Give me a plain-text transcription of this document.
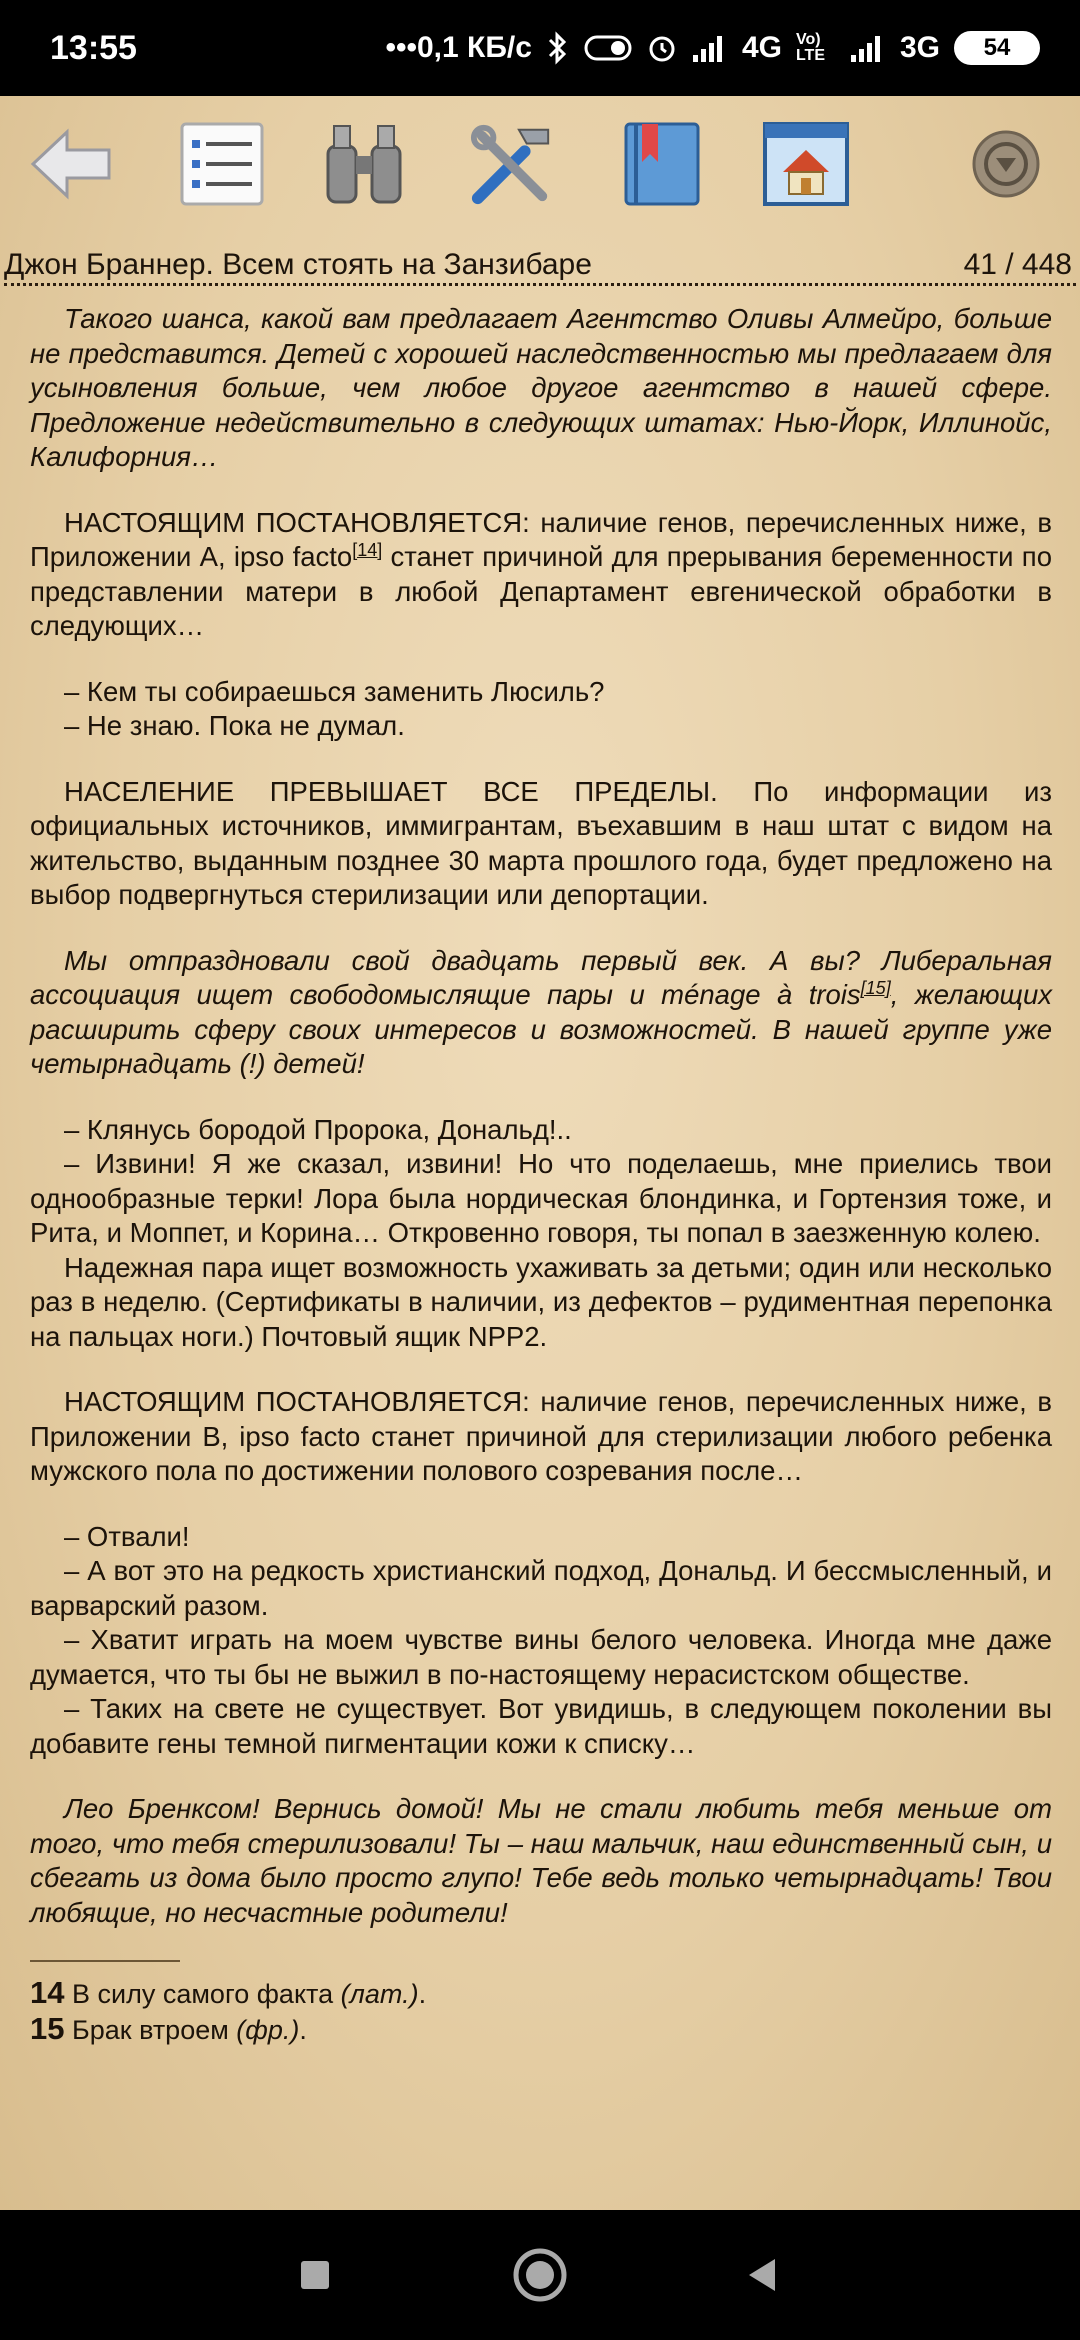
13:55	•••0,1 КБ/с	4G Vo) LTE	3G	54
Джон Браннер. Всем стоять на Занзибаре	41 / 448

Такого шанса, какой вам предлагает Агентство Оливы Алмейро, больше не представится. Детей с хорошей наследственностью мы предлагаем для усыновления больше, чем любое другое агентство в нашей сфере. Предложение недействительно в следующих штатах: Нью-Йорк, Иллинойс, Калифорния…

НАСТОЯЩИМ ПОСТАНОВЛЯЕТСЯ: наличие генов, перечисленных ниже, в Приложении A, ipso facto[14] станет причиной для прерывания беременности по представлении матери в любой Департамент евгенической обработки в следующих…

– Кем ты собираешься заменить Люсиль?

– Не знаю. Пока не думал.

НАСЕЛЕНИЕ ПРЕВЫШАЕТ ВСЕ ПРЕДЕЛЫ. По информации из официальных источников, иммигрантам, въехавшим в наш штат с видом на жительство, выданным позднее 30 марта прошлого года, будет предложено на выбор подвергнуться стерилизации или депортации.

Мы отпраздновали свой двадцать первый век. А вы? Либеральная ассоциация ищет свободомыслящие пары и ménage à trois[15], желающих расширить сферу своих интересов и возможностей. В нашей группе уже четырнадцать (!) детей!

– Клянусь бородой Пророка, Дональд!..

– Извини! Я же сказал, извини! Но что поделаешь, мне приелись твои однообразные терки! Лора была нордическая блондинка, и Гортензия тоже, и Рита, и Моппет, и Корина… Откровенно говоря, ты попал в заезженную колею.

Надежная пара ищет возможность ухаживать за детьми; один или несколько раз в неделю. (Сертификаты в наличии, из дефектов – рудиментная перепонка на пальцах ноги.) Почтовый ящик NPP2.

НАСТОЯЩИМ ПОСТАНОВЛЯЕТСЯ: наличие генов, перечисленных ниже, в Приложении B, ipso facto станет причиной для стерилизации любого ребенка мужского пола по достижении полового созревания после…

– Отвали!

– А вот это на редкость христианский подход, Дональд. И бессмысленный, и варварский разом.

– Хватит играть на моем чувстве вины белого человека. Иногда мне даже думается, что ты бы не выжил в по-настоящему нерасистском обществе.

– Таких на свете не существует. Вот увидишь, в следующем поколении вы добавите гены темной пигментации кожи к списку…

Лео Бренксом! Вернись домой! Мы не стали любить тебя меньше от того, что тебя стерилизовали! Ты – наш мальчик, наш единственный сын, и сбегать из дома было просто глупо! Тебе ведь только четырнадцать! Твои любящие, но несчастные родители!

14 В силу самого факта (лат.).

15 Брак втроем (фр.).
